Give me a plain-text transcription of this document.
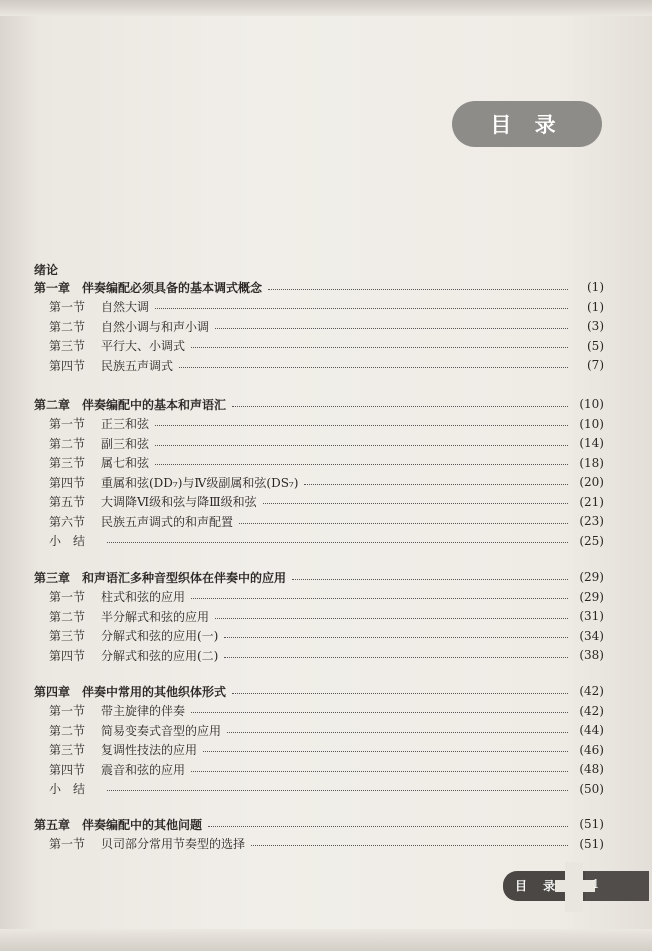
目 录
绪论
第一章　伴奏编配必须具备的基本调式概念	(1)
第一节	自然大调	(1)
第二节	自然小调与和声小调	(3)
第三节	平行大、小调式	(5)
第四节	民族五声调式	(7)
第二章　伴奏编配中的基本和声语汇	(10)
第一节	正三和弦	(10)
第二节	副三和弦	(14)
第三节	属七和弦	(18)
第四节	重属和弦(DD₇)与Ⅳ级副属和弦(DS₇)	(20)
第五节	大调降Ⅵ级和弦与降Ⅲ级和弦	(21)
第六节	民族五声调式的和声配置	(23)
小　结	(25)
第三章　和声语汇多种音型织体在伴奏中的应用	(29)
第一节	柱式和弦的应用	(29)
第二节	半分解式和弦的应用	(31)
第三节	分解式和弦的应用(一)	(34)
第四节	分解式和弦的应用(二)	(38)
第四章　伴奏中常用的其他织体形式	(42)
第一节	带主旋律的伴奏	(42)
第二节	简易变奏式音型的应用	(44)
第三节	复调性技法的应用	(46)
第四节	震音和弦的应用	(48)
小　结	(50)
第五章　伴奏编配中的其他问题	(51)
第一节	贝司部分常用节奏型的选择	(51)
目 录	1
